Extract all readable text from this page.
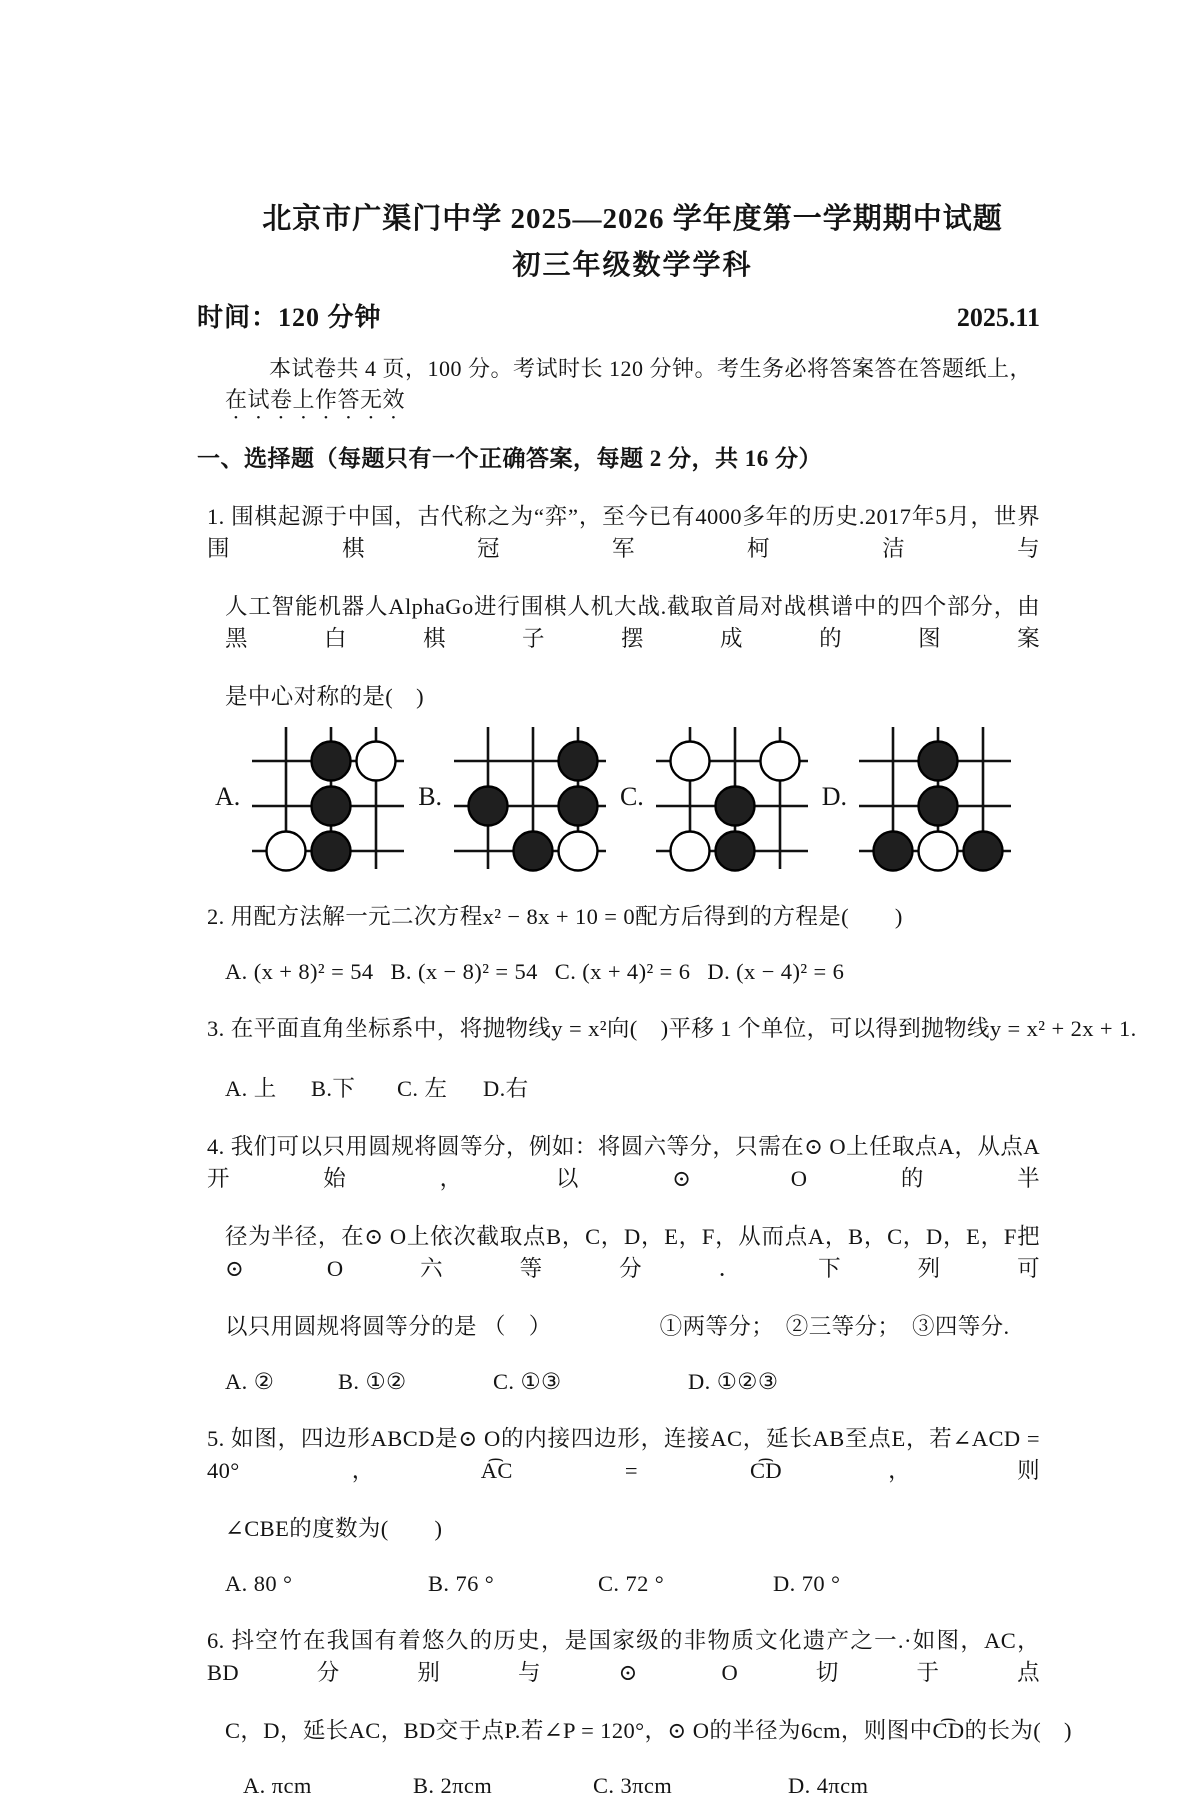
北京市广渠门中学 2025—2026 学年度第一学期期中试题
初三年级数学学科
时间：120 分钟	2025.11
本试卷共 4 页，100 分。考试时长 120 分钟。考生务必将答案答在答题纸上，在试卷上作答无效
一、选择题（每题只有一个正确答案，每题 2 分，共 16 分）
1. 围棋起源于中国，古代称之为“弈”，至今已有4000多年的历史.2017年5月，世界围棋冠军柯洁与
人工智能机器人AlphaGo进行围棋人机大战.截取首局对战棋谱中的四个部分，由黑白棋子摆成的图案
是中心对称的是(　)
A.	B.	C.	D.
2. 用配方法解一元二次方程x² − 8x + 10 = 0配方后得到的方程是(　　)
A. (x + 8)² = 54 B. (x − 8)² = 54 C. (x + 4)² = 6 D. (x − 4)² = 6
3. 在平面直角坐标系中，将抛物线y = x²向(　)平移 1 个单位，可以得到抛物线y = x² + 2x + 1.
A. 上	B.下	C. 左	D.右
4. 我们可以只用圆规将圆等分，例如：将圆六等分，只需在⊙ O上任取点A，从点A开始，以⊙ O的半
径为半径，在⊙ O上依次截取点B，C，D，E，F，从而点A，B，C，D，E，F把⊙ O六等分．下列可
以只用圆规将圆等分的是 （　）	①两等分；　②三等分；　③四等分.
A. ②	B. ①②	C. ①③	D. ①②③
5. 如图，四边形ABCD是⊙ O的内接四边形，连接AC，延长AB至点E，若∠ACD = 40° ，A͡C = C͡D，则
∠CBE的度数为(　　)
A. 80 °	B. 76 °	C. 72 °	D. 70 °
6. 抖空竹在我国有着悠久的历史，是国家级的非物质文化遗产之一.·如图，AC，BD分别与⊙ O切于点
C，D，延长AC，BD交于点P.若∠P = 120°，⊙ O的半径为6cm，则图中C͡D的长为(　)
A. πcm	B. 2πcm	C. 3πcm	D. 4πcm
